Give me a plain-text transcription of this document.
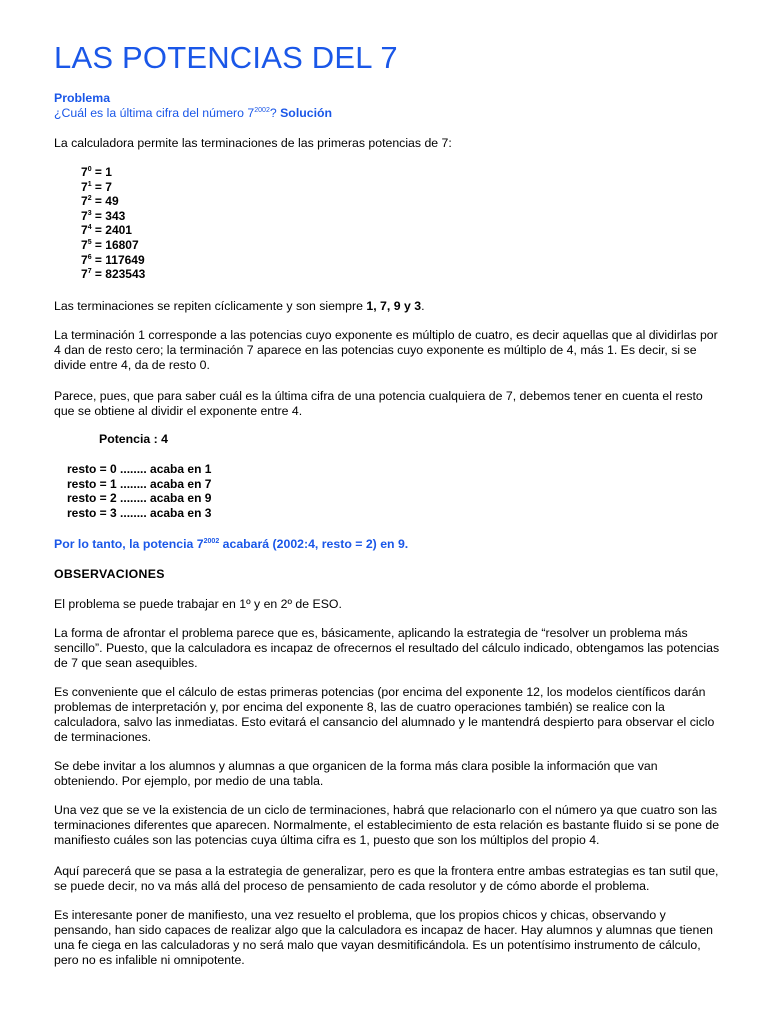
LAS POTENCIAS DEL 7
Problema
¿Cuál es la última cifra del número $7^{2002}$? Solución

La calculadora permite las terminaciones de las primeras potencias de 7:

$7^0 = 1$
$7^1 = 7$
$7^2 = 49$
$7^3 = 343$
$7^4 = 2401$
$7^5 = 16807$
$7^6 = 117649$
$7^7 = 823543$

Las terminaciones se repiten cíclicamente y son siempre 1, 7, 9 y 3.

La terminación 1 corresponde a las potencias cuyo exponente es múltiplo de cuatro, es decir aquellas que al dividirlas por 4 dan de resto cero; la terminación 7 aparece en las potencias cuyo exponente es múltiplo de 4, más 1. Es decir, si se divide entre 4, da de resto 0.

Parece, pues, que para saber cuál es la última cifra de una potencia cualquiera de 7, debemos tener en cuenta el resto que se obtiene al dividir el exponente entre 4.

Potencia : 4
resto = 0 ........ acaba en 1
resto = 1 ........ acaba en 7
resto = 2 ........ acaba en 9
resto = 3 ........ acaba en 3

Por lo tanto, la potencia $7^{2002}$ acabará (2002:4, resto = 2) en 9.

OBSERVACIONES

El problema se puede trabajar en 1º y en 2º de ESO.

La forma de afrontar el problema parece que es, básicamente, aplicando la estrategia de “resolver un problema más sencillo”. Puesto, que la calculadora es incapaz de ofrecernos el resultado del cálculo indicado, obtengamos las potencias de 7 que sean asequibles.

Es conveniente que el cálculo de estas primeras potencias (por encima del exponente 12, los modelos científicos darán problemas de interpretación y, por encima del exponente 8, las de cuatro operaciones también) se realice con la calculadora, salvo las inmediatas. Esto evitará el cansancio del alumnado y le mantendrá despierto para observar el ciclo de terminaciones.

Se debe invitar a los alumnos y alumnas a que organicen de la forma más clara posible la información que van obteniendo. Por ejemplo, por medio de una tabla.

Una vez que se ve la existencia de un ciclo de terminaciones, habrá que relacionarlo con el número ya que cuatro son las terminaciones diferentes que aparecen. Normalmente, el establecimiento de esta relación es bastante fluido si se pone de manifiesto cuáles son las potencias cuya última cifra es 1, puesto que son los múltiplos del propio 4.

Aquí parecerá que se pasa a la estrategia de generalizar, pero es que la frontera entre ambas estrategias es tan sutil que, se puede decir, no va más allá del proceso de pensamiento de cada resolutor y de cómo aborde el problema.

Es interesante poner de manifiesto, una vez resuelto el problema, que los propios chicos y chicas, observando y pensando, han sido capaces de realizar algo que la calculadora es incapaz de hacer. Hay alumnos y alumnas que tienen una fe ciega en las calculadoras y no será malo que vayan desmitificándola. Es un potentísimo instrumento de cálculo, pero no es infalible ni omnipotente.
